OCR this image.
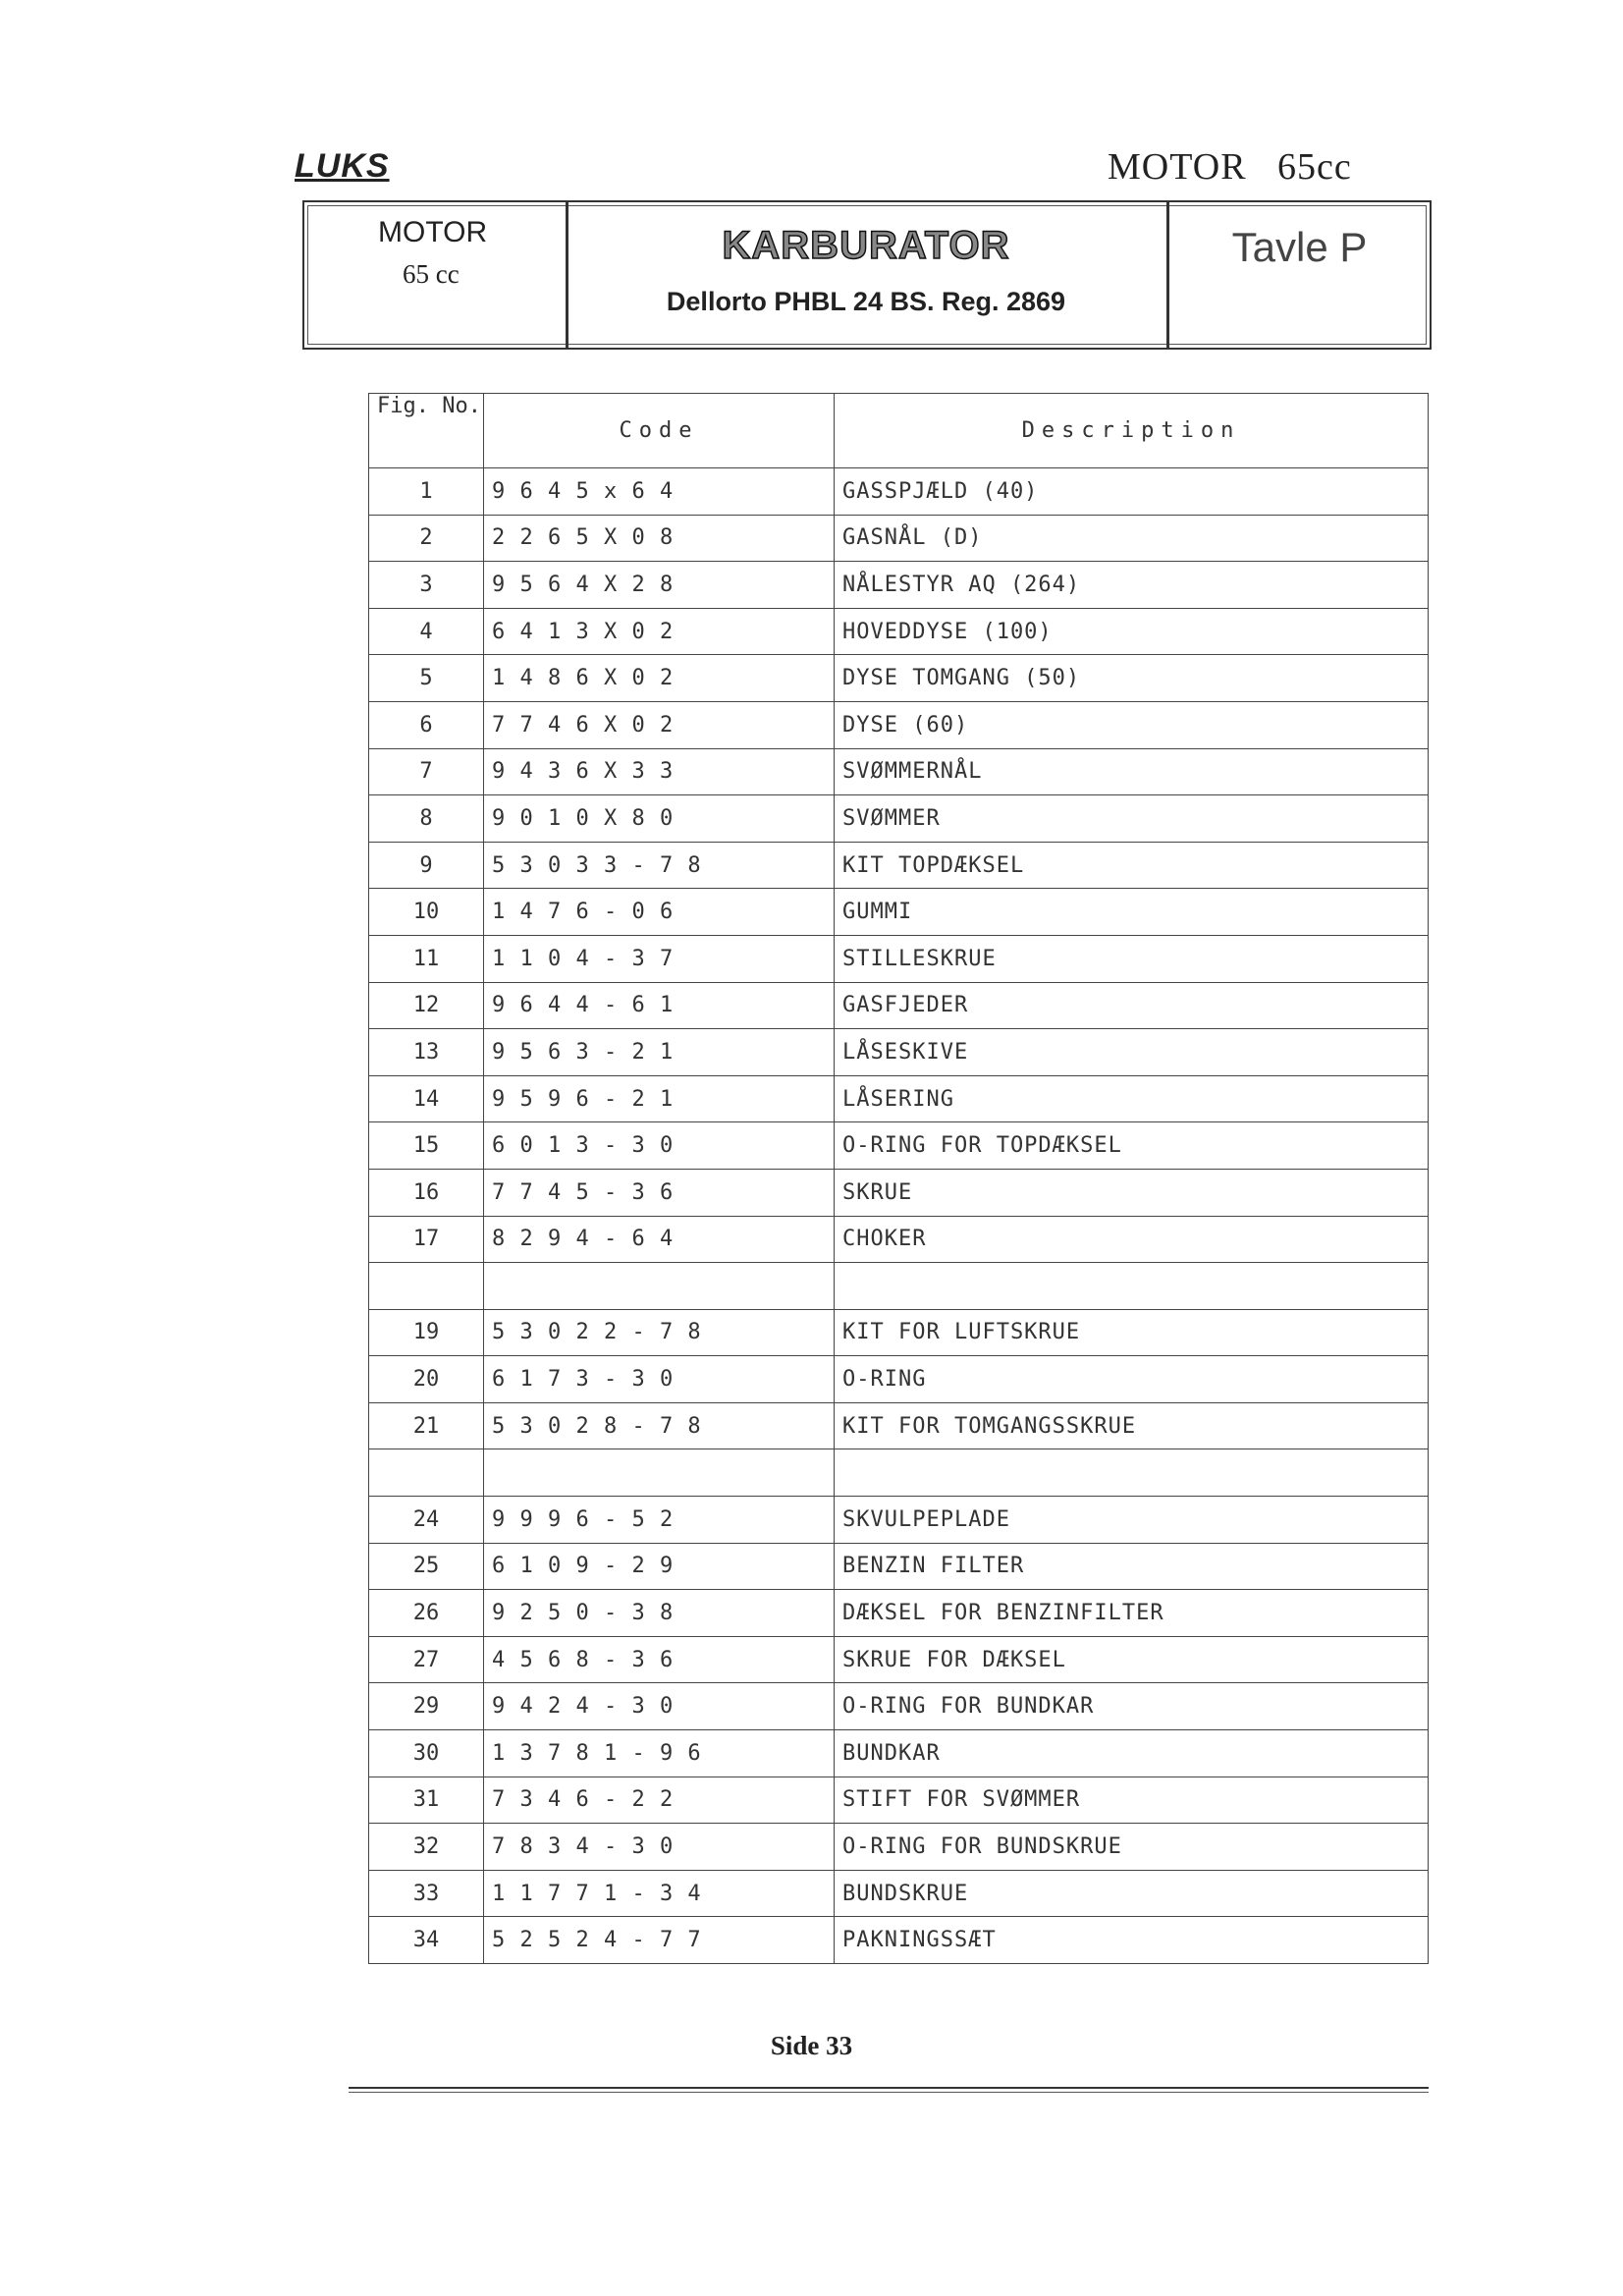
LUKS	MOTOR   65cc
MOTOR
65 cc
KARBURATOR
Dellorto PHBL 24 BS. Reg. 2869
Tavle P
Fig. No.	Code	Description
1	9 6 4 5 x 6 4	GASSPJÆLD (40)
2	2 2 6 5 X 0 8	GASNÅL (D)
3	9 5 6 4 X 2 8	NÅLESTYR AQ (264)
4	6 4 1 3 X 0 2	HOVEDDYSE (100)
5	1 4 8 6 X 0 2	DYSE TOMGANG (50)
6	7 7 4 6 X 0 2	DYSE (60)
7	9 4 3 6 X 3 3	SVØMMERNÅL
8	9 0 1 0 X 8 0	SVØMMER
9	5 3 0 3 3 - 7 8	KIT TOPDÆKSEL
10	1 4 7 6 - 0 6	GUMMI
11	1 1 0 4 - 3 7	STILLESKRUE
12	9 6 4 4 - 6 1	GASFJEDER
13	9 5 6 3 - 2 1	LÅSESKIVE
14	9 5 9 6 - 2 1	LÅSERING
15	6 0 1 3 - 3 0	O-RING FOR TOPDÆKSEL
16	7 7 4 5 - 3 6	SKRUE
17	8 2 9 4 - 6 4	CHOKER

19	5 3 0 2 2 - 7 8	KIT FOR LUFTSKRUE
20	6 1 7 3 - 3 0	O-RING
21	5 3 0 2 8 - 7 8	KIT FOR TOMGANGSSKRUE

24	9 9 9 6 - 5 2	SKVULPEPLADE
25	6 1 0 9 - 2 9	BENZIN FILTER
26	9 2 5 0 - 3 8	DÆKSEL FOR BENZINFILTER
27	4 5 6 8 - 3 6	SKRUE FOR DÆKSEL
29	9 4 2 4 - 3 0	O-RING FOR BUNDKAR
30	1 3 7 8 1 - 9 6	BUNDKAR
31	7 3 4 6 - 2 2	STIFT FOR SVØMMER
32	7 8 3 4 - 3 0	O-RING FOR BUNDSKRUE
33	1 1 7 7 1 - 3 4	BUNDSKRUE
34	5 2 5 2 4 - 7 7	PAKNINGSSÆT
Side 33
